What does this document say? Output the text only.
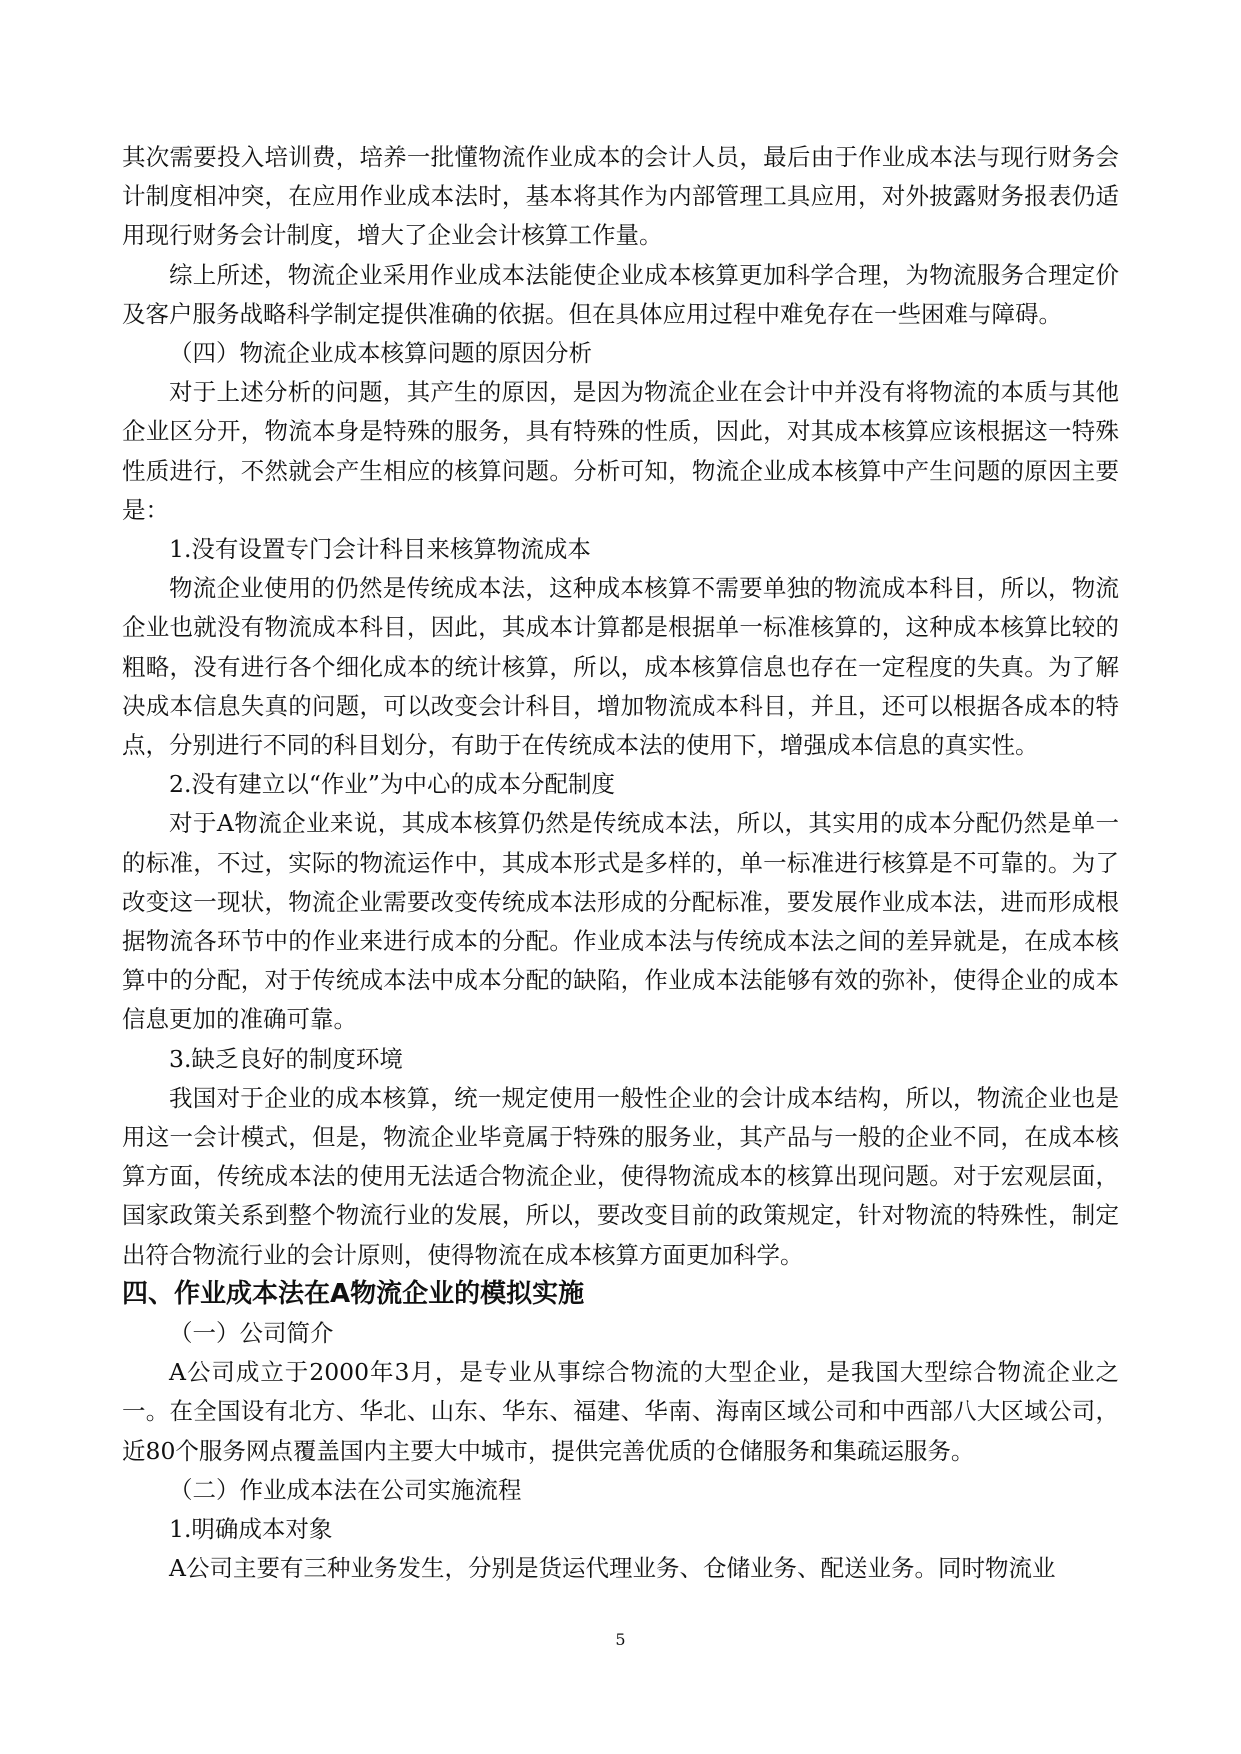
其次需要投入培训费，培养一批懂物流作业成本的会计人员，最后由于作业成本法与现行财务会计制度相冲突，在应用作业成本法时，基本将其作为内部管理工具应用，对外披露财务报表仍适用现行财务会计制度，增大了企业会计核算工作量。

综上所述，物流企业采用作业成本法能使企业成本核算更加科学合理，为物流服务合理定价及客户服务战略科学制定提供准确的依据。但在具体应用过程中难免存在一些困难与障碍。

（四）物流企业成本核算问题的原因分析

对于上述分析的问题，其产生的原因，是因为物流企业在会计中并没有将物流的本质与其他企业区分开，物流本身是特殊的服务，具有特殊的性质，因此，对其成本核算应该根据这一特殊性质进行，不然就会产生相应的核算问题。分析可知，物流企业成本核算中产生问题的原因主要是：

1.没有设置专门会计科目来核算物流成本

物流企业使用的仍然是传统成本法，这种成本核算不需要单独的物流成本科目，所以，物流企业也就没有物流成本科目，因此，其成本计算都是根据单一标准核算的，这种成本核算比较的粗略，没有进行各个细化成本的统计核算，所以，成本核算信息也存在一定程度的失真。为了解决成本信息失真的问题，可以改变会计科目，增加物流成本科目，并且，还可以根据各成本的特点，分别进行不同的科目划分，有助于在传统成本法的使用下，增强成本信息的真实性。

2.没有建立以“作业”为中心的成本分配制度

对于A物流企业来说，其成本核算仍然是传统成本法，所以，其实用的成本分配仍然是单一的标准，不过，实际的物流运作中，其成本形式是多样的，单一标准进行核算是不可靠的。为了改变这一现状，物流企业需要改变传统成本法形成的分配标准，要发展作业成本法，进而形成根据物流各环节中的作业来进行成本的分配。作业成本法与传统成本法之间的差异就是，在成本核算中的分配，对于传统成本法中成本分配的缺陷，作业成本法能够有效的弥补，使得企业的成本信息更加的准确可靠。

3.缺乏良好的制度环境

我国对于企业的成本核算，统一规定使用一般性企业的会计成本结构，所以，物流企业也是用这一会计模式，但是，物流企业毕竟属于特殊的服务业，其产品与一般的企业不同，在成本核算方面，传统成本法的使用无法适合物流企业，使得物流成本的核算出现问题。对于宏观层面，国家政策关系到整个物流行业的发展，所以，要改变目前的政策规定，针对物流的特殊性，制定出符合物流行业的会计原则，使得物流在成本核算方面更加科学。

四、作业成本法在A物流企业的模拟实施

（一）公司简介

A公司成立于2000年3月，是专业从事综合物流的大型企业，是我国大型综合物流企业之一。在全国设有北方、华北、山东、华东、福建、华南、海南区域公司和中西部八大区域公司，近80个服务网点覆盖国内主要大中城市，提供完善优质的仓储服务和集疏运服务。

（二）作业成本法在公司实施流程

1.明确成本对象

A公司主要有三种业务发生，分别是货运代理业务、仓储业务、配送业务。同时物流业

5
